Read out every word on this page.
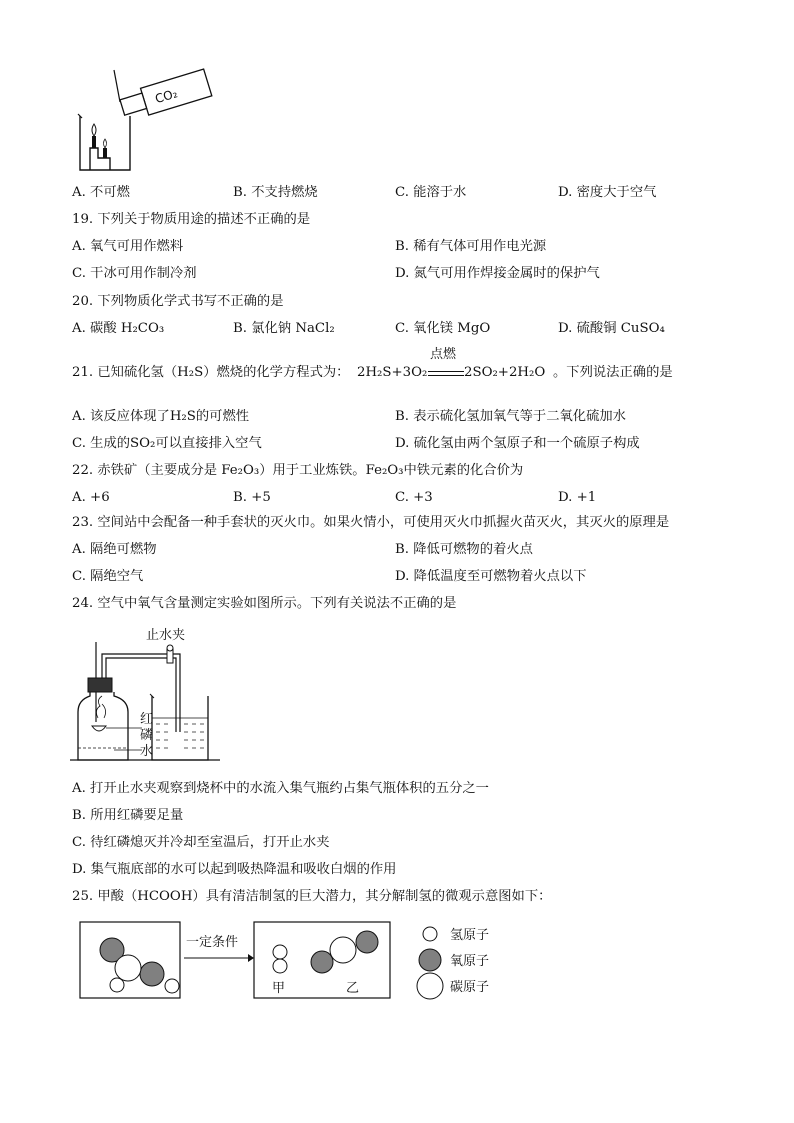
CO₂
A. 不可燃	B. 不支持燃烧	C. 能溶于水	D. 密度大于空气
19. 下列关于物质用途的描述不正确的是
A. 氧气可用作燃料	B. 稀有气体可用作电光源
C. 干冰可用作制冷剂	D. 氮气可用作焊接金属时的保护气
20. 下列物质化学式书写不正确的是
A. 碳酸 H₂CO₃	B. 氯化钠 NaCl₂	C. 氧化镁 MgO	D. 硫酸铜 CuSO₄
21. 已知硫化氢（H₂S）燃烧的化学方程式为： 2H₂S+3O₂
点燃
2SO₂+2H₂O 。下列说法正确的是
A. 该反应体现了H₂S的可燃性	B. 表示硫化氢加氧气等于二氧化硫加水
C. 生成的SO₂可以直接排入空气	D. 硫化氢由两个氢原子和一个硫原子构成
22. 赤铁矿（主要成分是 Fe₂O₃）用于工业炼铁。Fe₂O₃中铁元素的化合价为
A. +6	B. +5	C. +3	D. +1
23. 空间站中会配备一种手套状的灭火巾。如果火情小，可使用灭火巾抓握火苗灭火，其灭火的原理是
A. 隔绝可燃物	B. 降低可燃物的着火点
C. 隔绝空气	D. 降低温度至可燃物着火点以下
24. 空气中氧气含量测定实验如图所示。下列有关说法不正确的是
止水夹
红
磷
水
A. 打开止水夹观察到烧杯中的水流入集气瓶约占集气瓶体积的五分之一
B. 所用红磷要足量
C. 待红磷熄灭并冷却至室温后，打开止水夹
D. 集气瓶底部的水可以起到吸热降温和吸收白烟的作用
25. 甲酸（HCOOH）具有清洁制氢的巨大潜力，其分解制氢的微观示意图如下：
一定条件
甲	乙
氢原子
氧原子
碳原子
